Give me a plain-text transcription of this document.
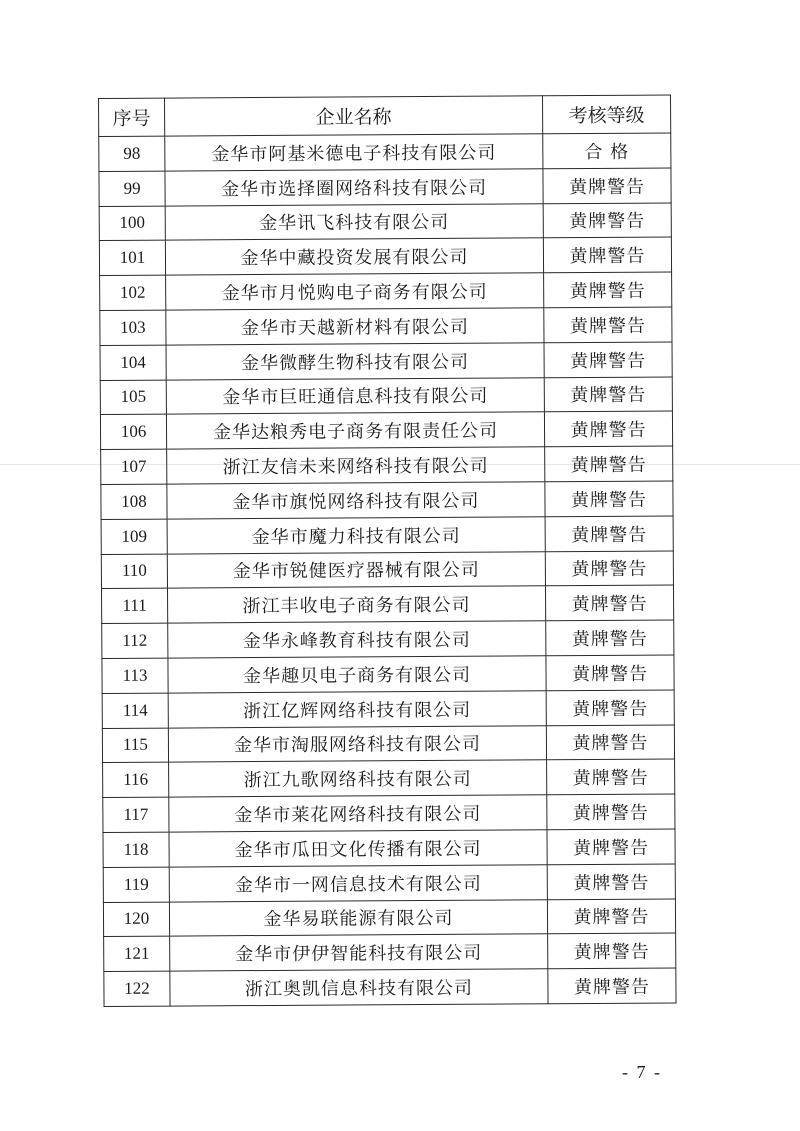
序号	企业名称	考核等级
98	金华市阿基米德电子科技有限公司	合 格
99	金华市选择圈网络科技有限公司	黄牌警告
100	金华讯飞科技有限公司	黄牌警告
101	金华中藏投资发展有限公司	黄牌警告
102	金华市月悦购电子商务有限公司	黄牌警告
103	金华市天越新材料有限公司	黄牌警告
104	金华微酵生物科技有限公司	黄牌警告
105	金华市巨旺通信息科技有限公司	黄牌警告
106	金华达粮秀电子商务有限责任公司	黄牌警告
107	浙江友信未来网络科技有限公司	黄牌警告
108	金华市旗悦网络科技有限公司	黄牌警告
109	金华市魔力科技有限公司	黄牌警告
110	金华市锐健医疗器械有限公司	黄牌警告
111	浙江丰收电子商务有限公司	黄牌警告
112	金华永峰教育科技有限公司	黄牌警告
113	金华趣贝电子商务有限公司	黄牌警告
114	浙江亿辉网络科技有限公司	黄牌警告
115	金华市淘服网络科技有限公司	黄牌警告
116	浙江九歌网络科技有限公司	黄牌警告
117	金华市莱花网络科技有限公司	黄牌警告
118	金华市瓜田文化传播有限公司	黄牌警告
119	金华市一网信息技术有限公司	黄牌警告
120	金华易联能源有限公司	黄牌警告
121	金华市伊伊智能科技有限公司	黄牌警告
122	浙江奥凯信息科技有限公司	黄牌警告
- 7 -
